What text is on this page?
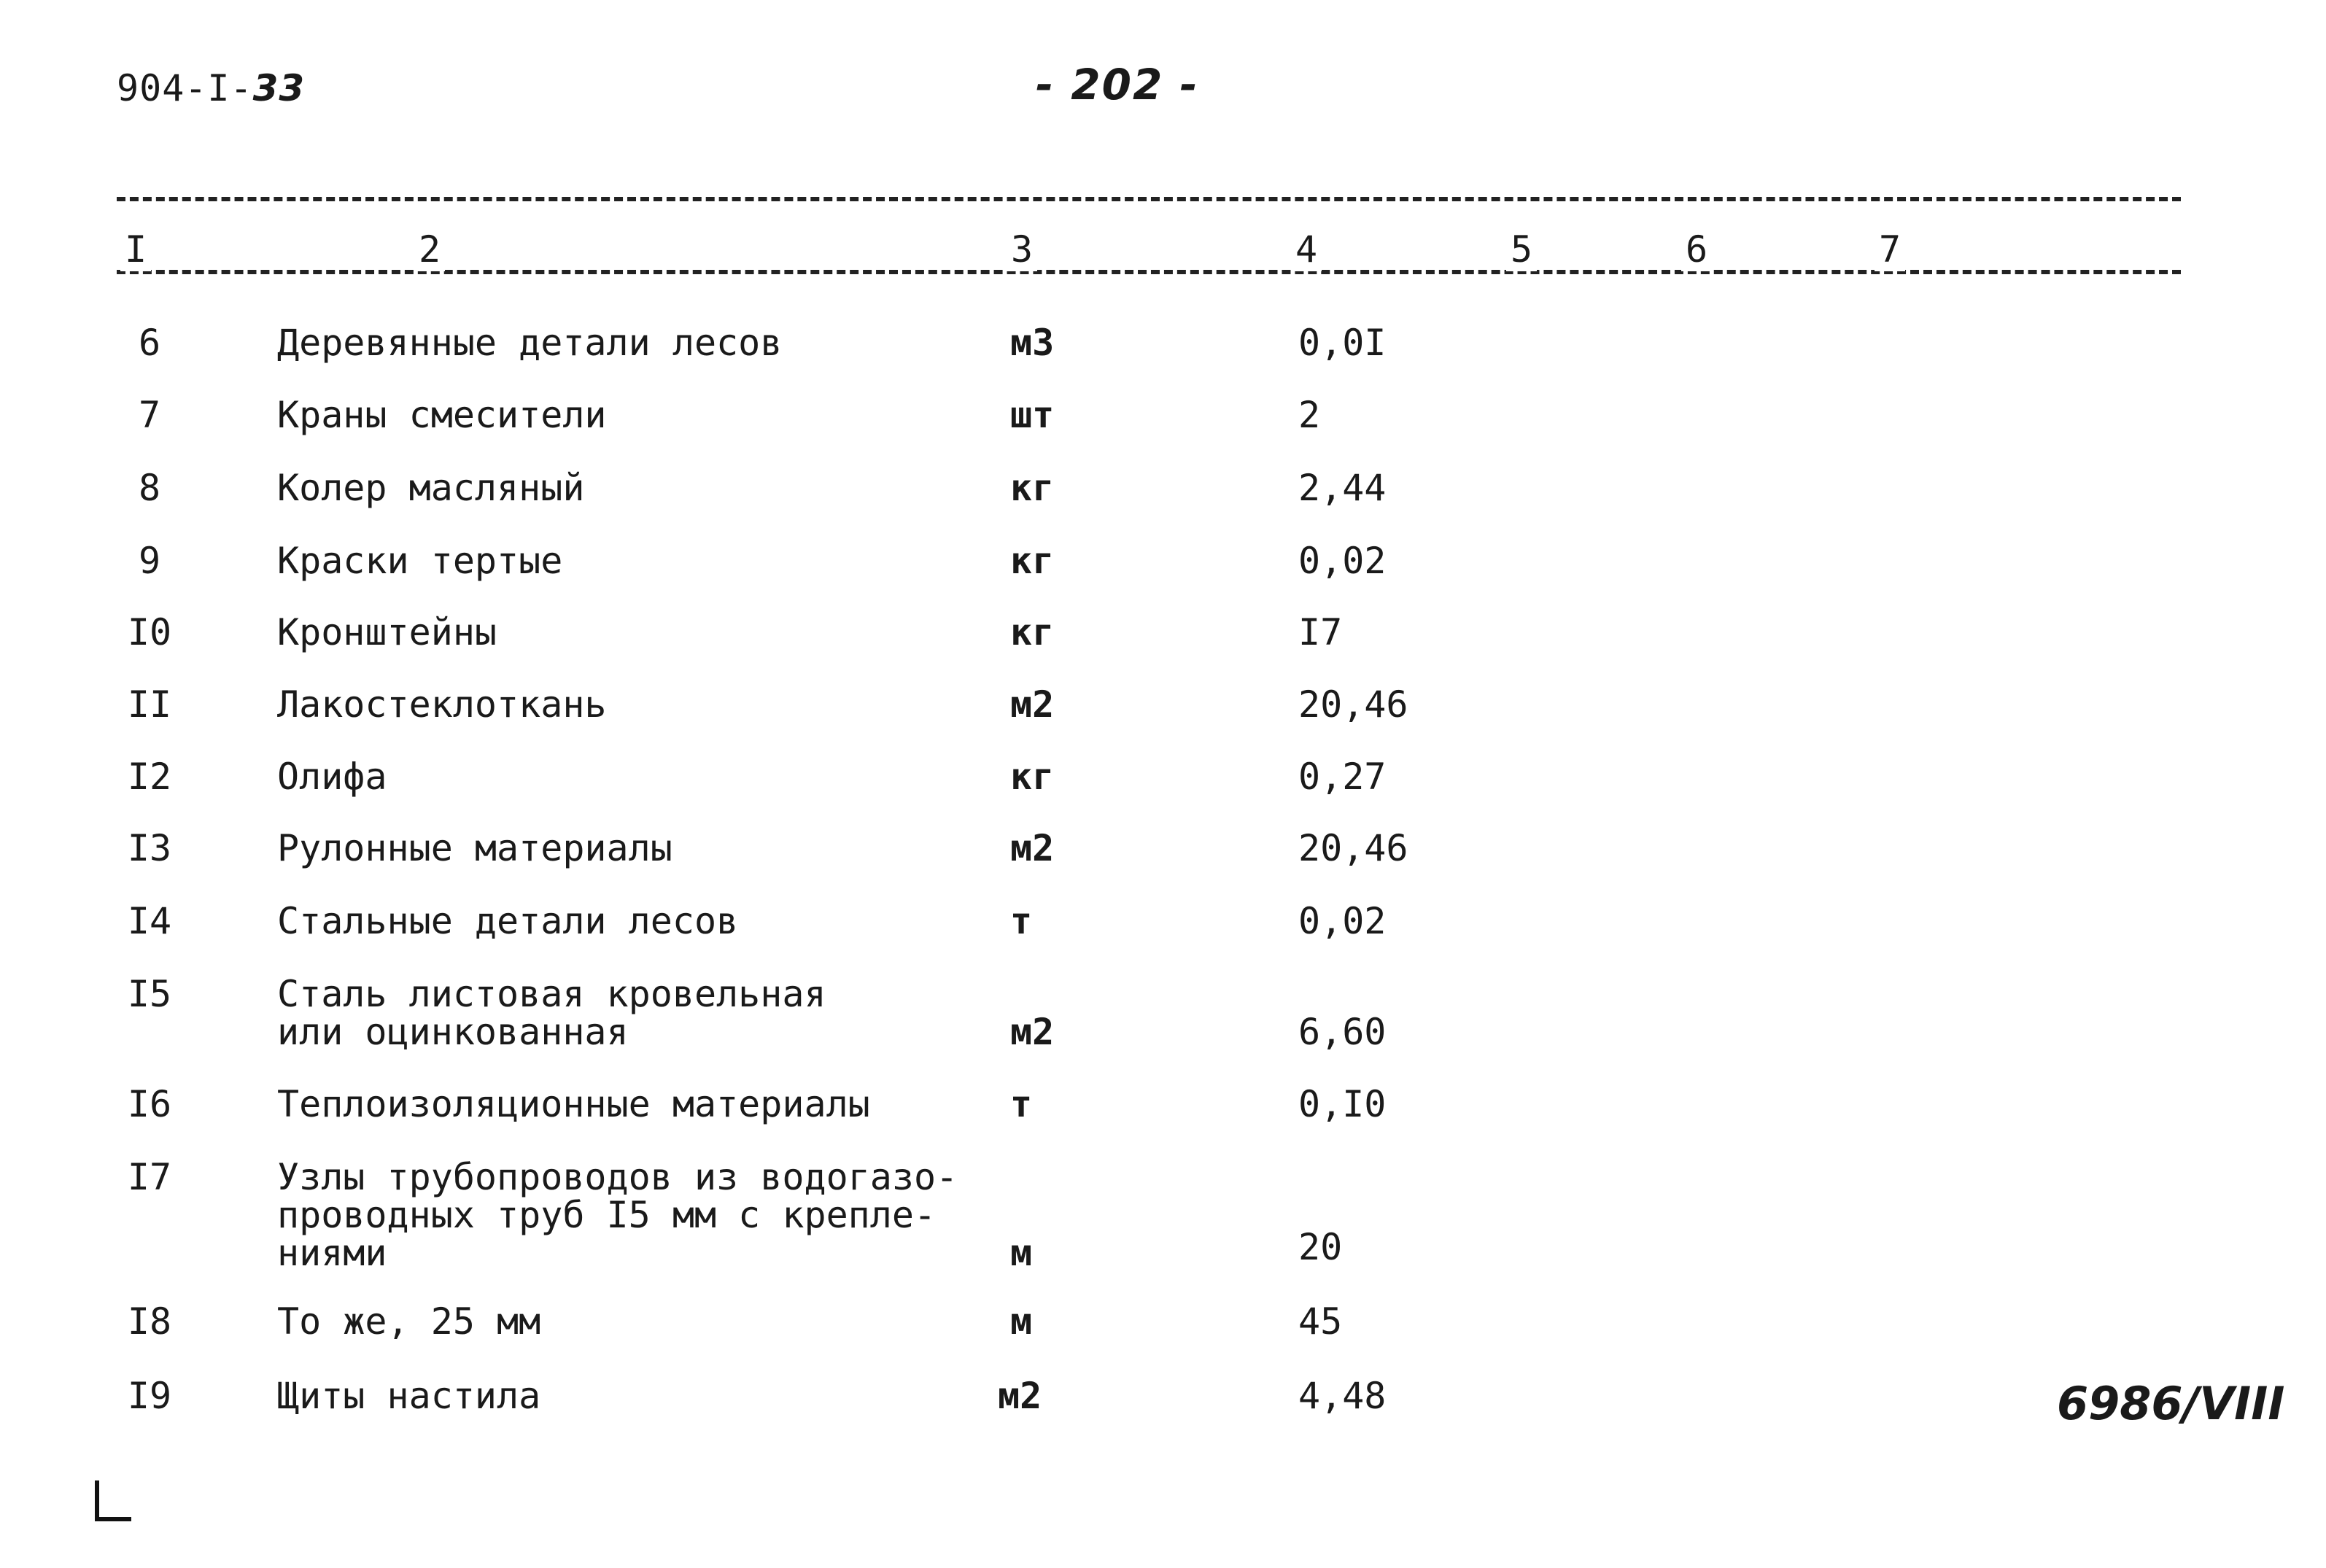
904-I-33	- 202 -
I	2	3	4	5	6	7
6	Деревянные детали лесов	м3	0,0I
7	Краны смесители	шт	2
8	Колер масляный	кг	2,44
9	Краски тертые	кг	0,02
I0	Кронштейны	кг	I7
II	Лакостеклоткань	м2	20,46
I2	Олифа	кг	0,27
I3	Рулонные материалы	м2	20,46
I4	Стальные детали лесов	т	0,02
I5	Сталь листовая кровельная
или оцинкованная	м2	6,60
I6	Теплоизоляционные материалы	т	0,I0
I7	Узлы трубопроводов из водогазо-
проводных труб I5 мм с крепле-
ниями	м	20
I8	То же, 25 мм	м	45
I9	Щиты настила	м2	4,48	6986/VIII
